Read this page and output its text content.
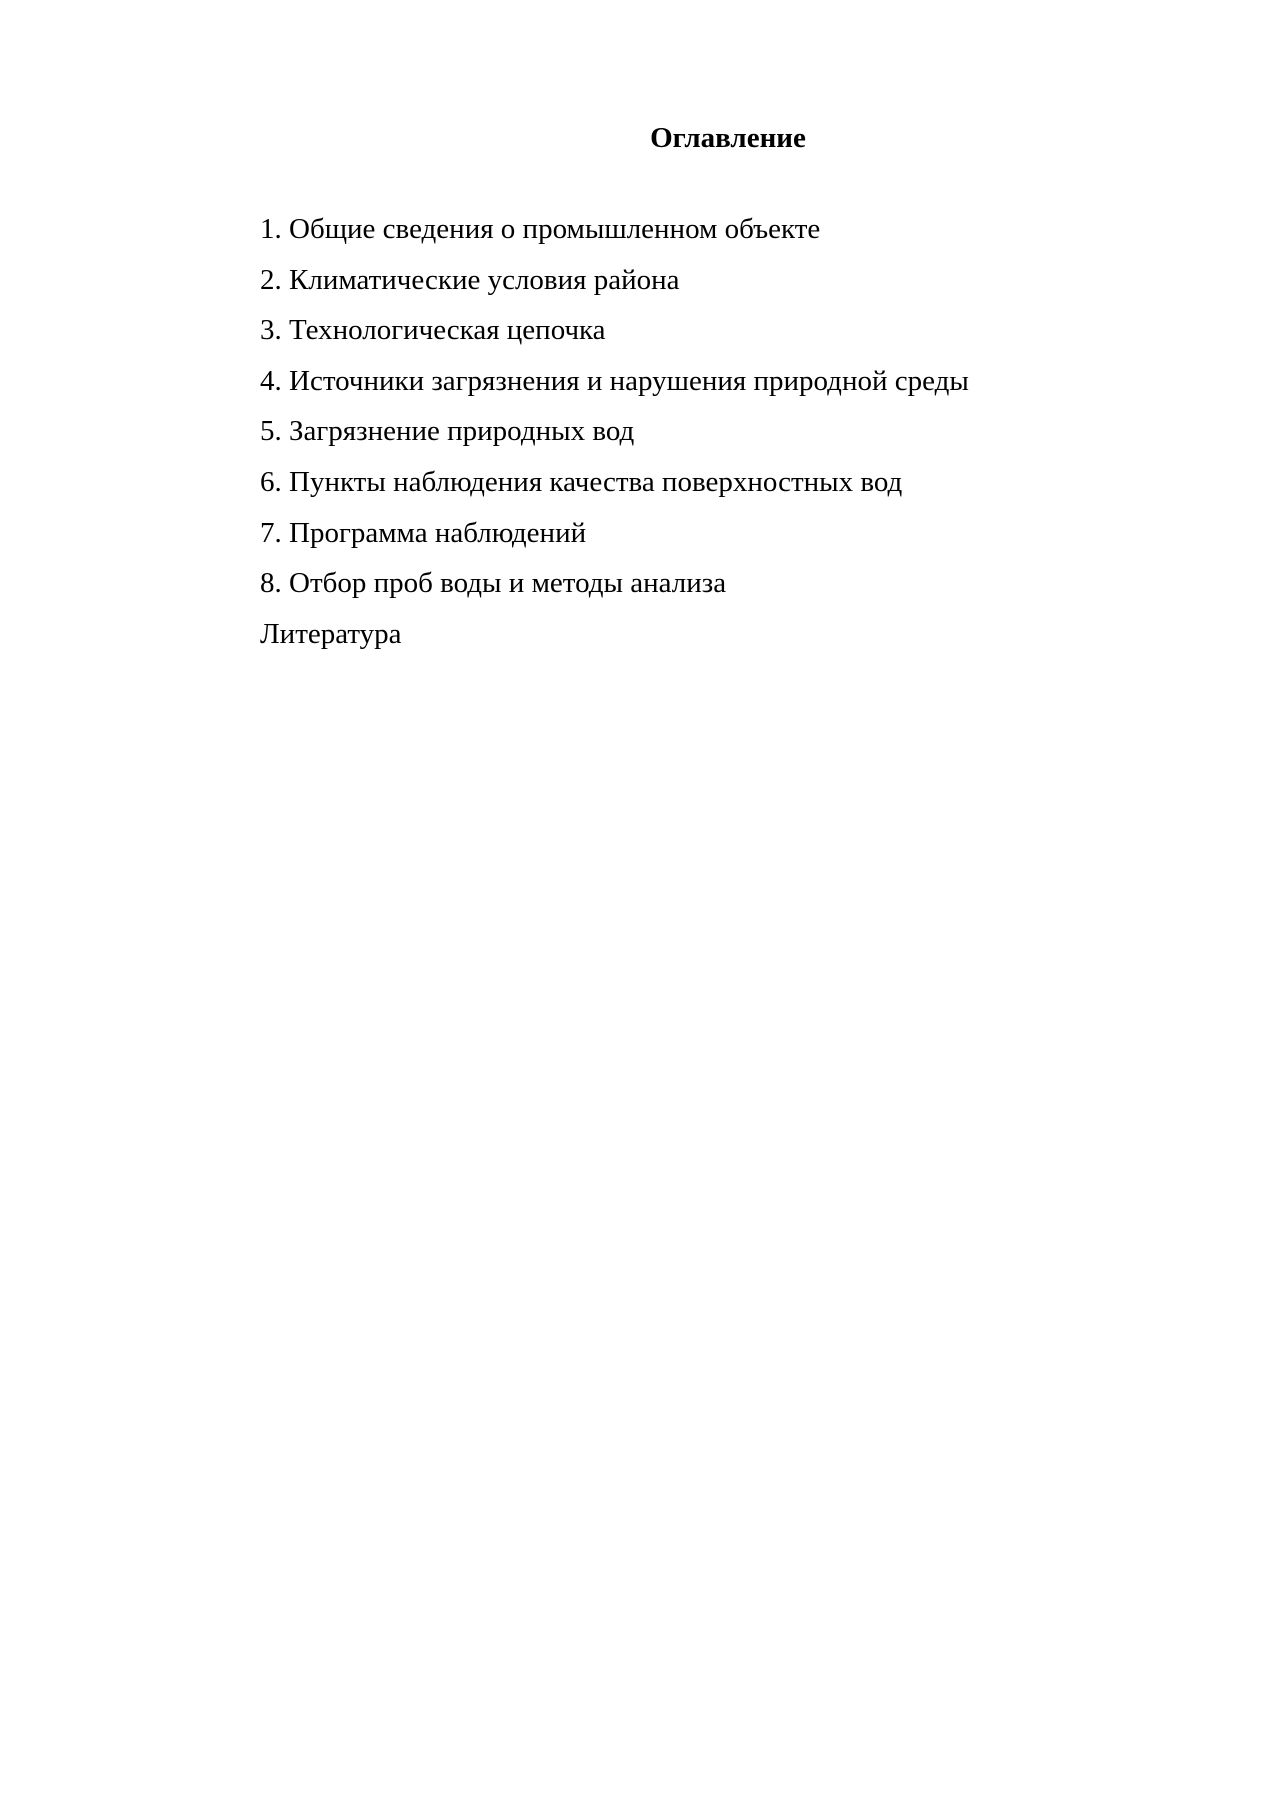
Оглавление
1. Общие сведения о промышленном объекте
2. Климатические условия района
3. Технологическая цепочка
4. Источники загрязнения и нарушения природной среды
5. Загрязнение природных вод
6. Пункты наблюдения качества поверхностных вод
7. Программа наблюдений
8. Отбор проб воды и методы анализа
Литература
